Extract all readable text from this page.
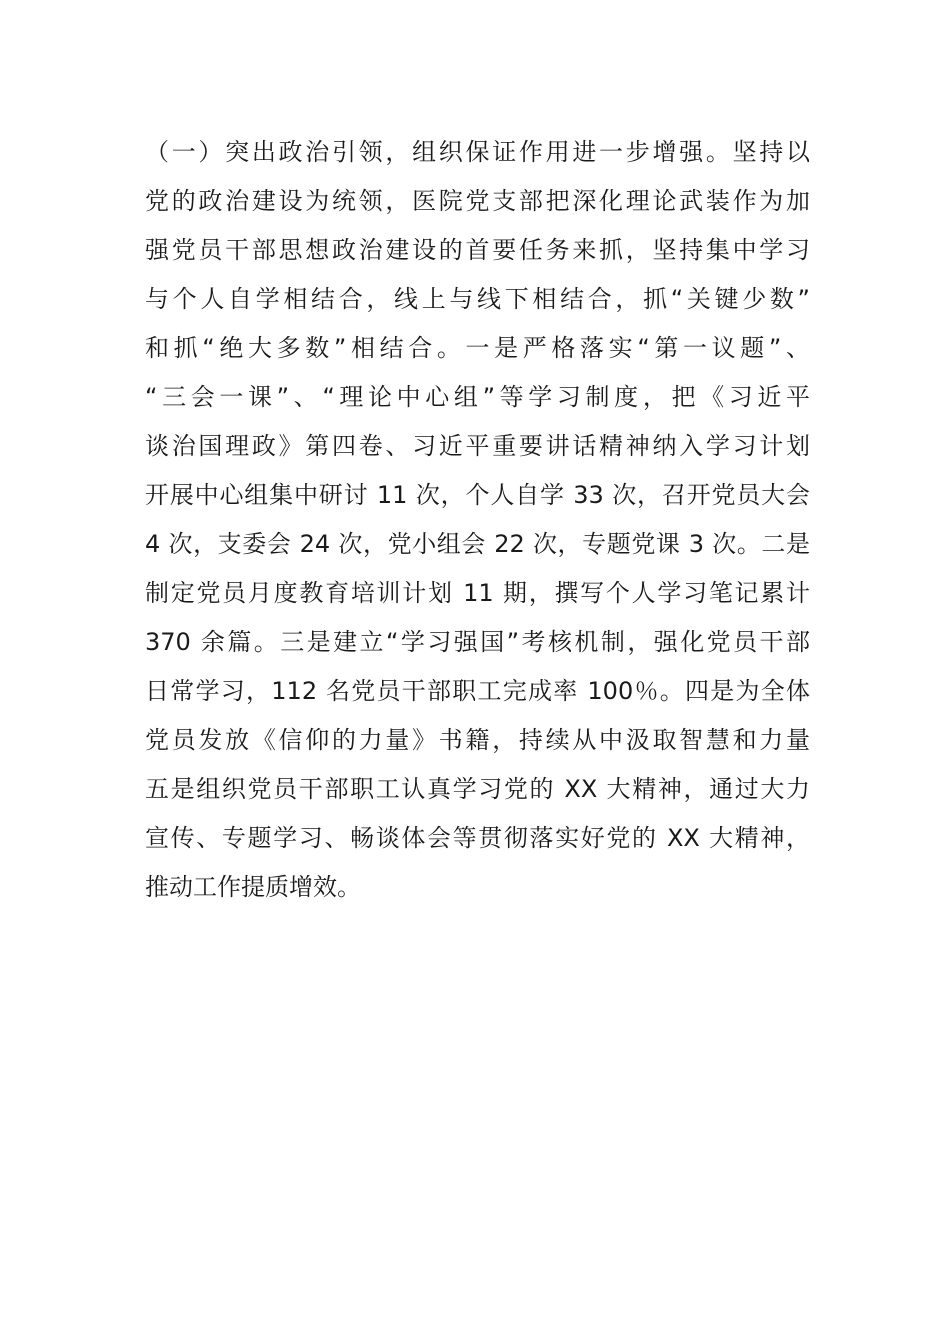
（一）突出政治引领，组织保证作用进一步增强。坚持以
党的政治建设为统领，医院党支部把深化理论武装作为加
强党员干部思想政治建设的首要任务来抓，坚持集中学习
与个人自学相结合，线上与线下相结合，抓“关键少数”
和抓“绝大多数”相结合。一是严格落实“第一议题”、
“三会一课”、“理论中心组”等学习制度，把《习近平
谈治国理政》第四卷、习近平重要讲话精神纳入学习计划
开展中心组集中研讨 11 次，个人自学 33 次，召开党员大会
4 次，支委会 24 次，党小组会 22 次，专题党课 3 次。二是
制定党员月度教育培训计划 11 期，撰写个人学习笔记累计
370 余篇。三是建立“学习强国”考核机制，强化党员干部
日常学习，112 名党员干部职工完成率 100％。四是为全体
党员发放《信仰的力量》书籍，持续从中汲取智慧和力量
五是组织党员干部职工认真学习党的 XX 大精神，通过大力
宣传、专题学习、畅谈体会等贯彻落实好党的 XX 大精神，
推动工作提质增效。
